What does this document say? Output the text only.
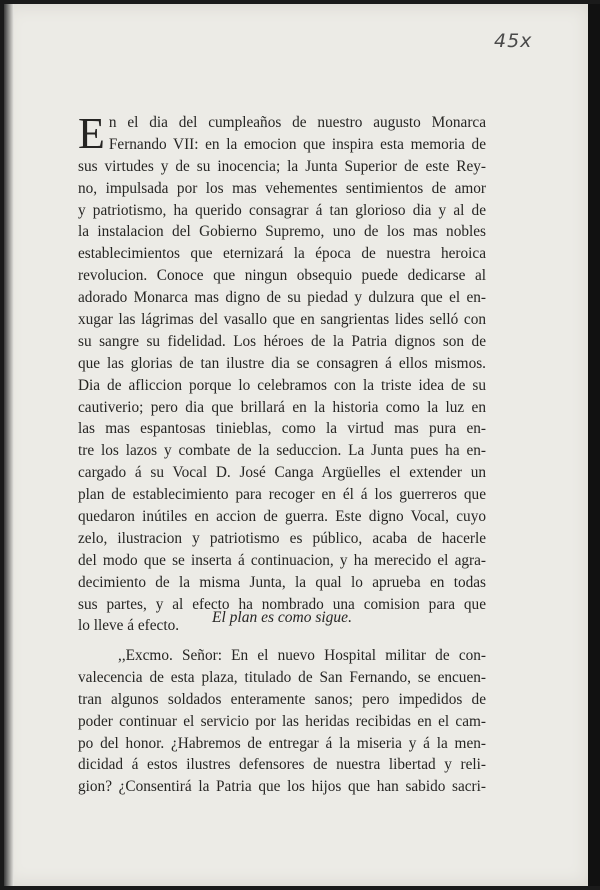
45x
E n el dia del cumpleaños de nuestro augusto Monarca
Fernando VII: en la emocion que inspira esta memoria de
sus virtudes y de su inocencia; la Junta Superior de este Rey-
no, impulsada por los mas vehementes sentimientos de amor
y patriotismo, ha querido consagrar á tan glorioso dia y al de
la instalacion del Gobierno Supremo, uno de los mas nobles
establecimientos que eternizará la época de nuestra heroica
revolucion. Conoce que ningun obsequio puede dedicarse al
adorado Monarca mas digno de su piedad y dulzura que el en-
xugar las lágrimas del vasallo que en sangrientas lides selló con
su sangre su fidelidad. Los héroes de la Patria dignos son de
que las glorias de tan ilustre dia se consagren á ellos mismos.
Dia de afliccion porque lo celebramos con la triste idea de su
cautiverio; pero dia que brillará en la historia como la luz en
las mas espantosas tinieblas, como la virtud mas pura en-
tre los lazos y combate de la seduccion. La Junta pues ha en-
cargado á su Vocal D. José Canga Argüelles el extender un
plan de establecimiento para recoger en él á los guerreros que
quedaron inútiles en accion de guerra. Este digno Vocal, cuyo
zelo, ilustracion y patriotismo es público, acaba de hacerle
del modo que se inserta á continuacion, y ha merecido el agra-
decimiento de la misma Junta, la qual lo aprueba en todas
sus partes, y al efecto ha nombrado una comision para que
lo lleve á efecto.	El plan es como sigue.
,,Excmo. Señor: En el nuevo Hospital militar de con-
valecencia de esta plaza, titulado de San Fernando, se encuen-
tran algunos soldados enteramente sanos; pero impedidos de
poder continuar el servicio por las heridas recibidas en el cam-
po del honor. ¿Habremos de entregar á la miseria y á la men-
dicidad á estos ilustres defensores de nuestra libertad y reli-
gion? ¿Consentirá la Patria que los hijos que han sabido sacri-
